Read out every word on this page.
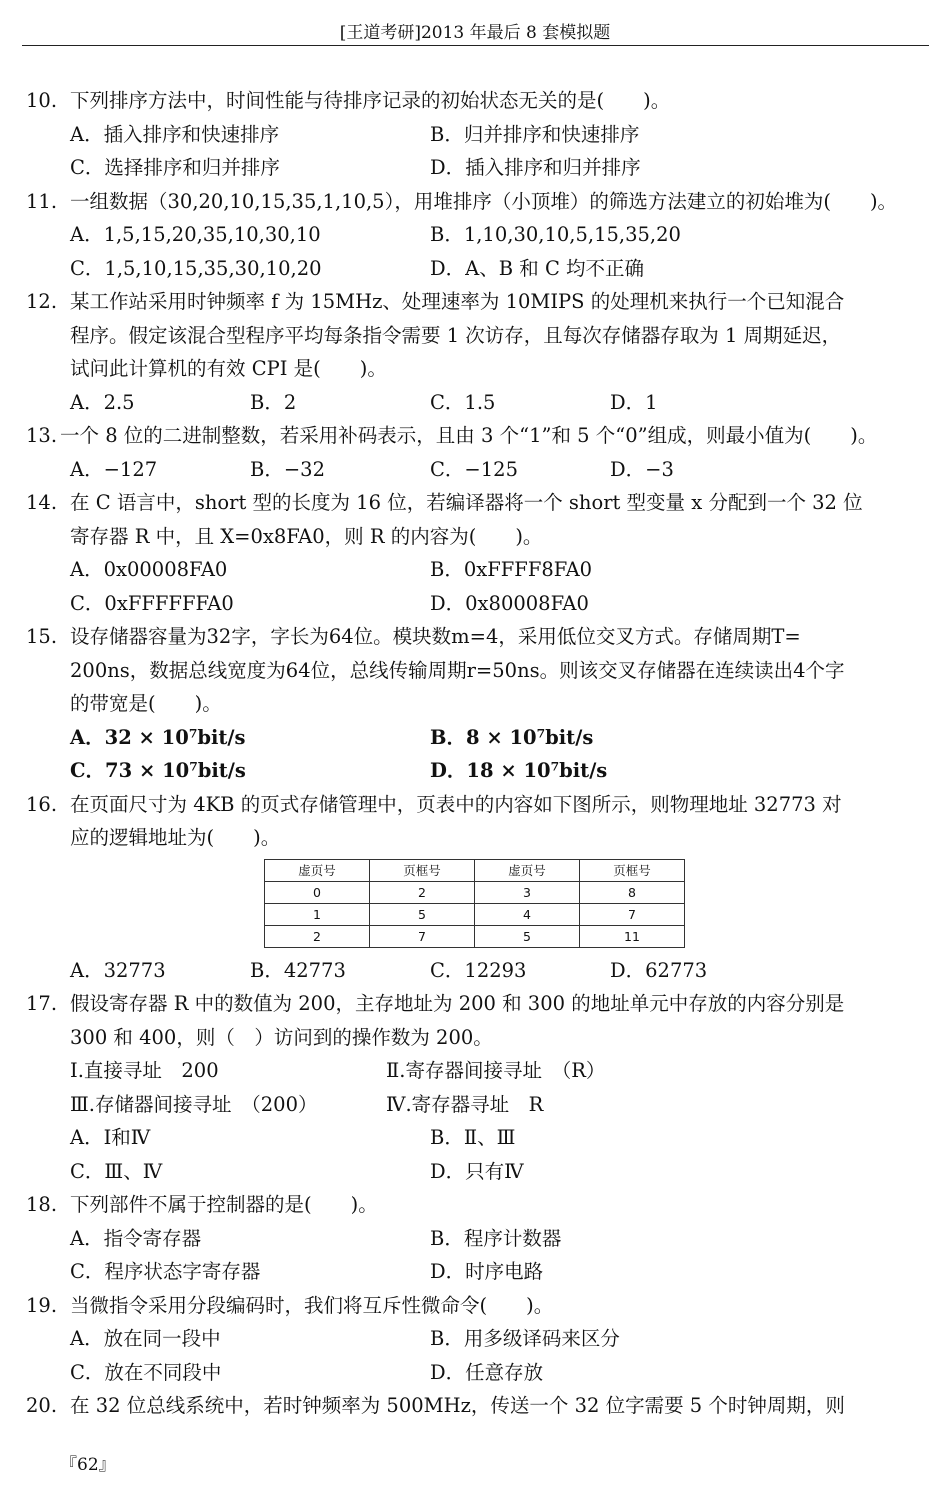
[王道考研]2013 年最后 8 套模拟题
10. 下列排序方法中，时间性能与待排序记录的初始状态无关的是(　　)。
A．插入排序和快速排序	B．归并排序和快速排序
C．选择排序和归并排序	D．插入排序和归并排序
11. 一组数据（30,20,10,15,35,1,10,5），用堆排序（小顶堆）的筛选方法建立的初始堆为(　　)。
A．1,5,15,20,35,10,30,10	B．1,10,30,10,5,15,35,20
C．1,5,10,15,35,30,10,20	D．A、B 和 C 均不正确
12. 某工作站采用时钟频率 f 为 15MHz、处理速率为 10MIPS 的处理机来执行一个已知混合
程序。假定该混合型程序平均每条指令需要 1 次访存，且每次存储器存取为 1 周期延迟，
试问此计算机的有效 CPI 是(　　)。
A．2.5	B．2	C．1.5	D．1
13. 一个 8 位的二进制整数，若采用补码表示，且由 3 个“1”和 5 个“0”组成，则最小值为(　　)。
A．−127	B．−32	C．−125	D．−3
14. 在 C 语言中，short 型的长度为 16 位，若编译器将一个 short 型变量 x 分配到一个 32 位
寄存器 R 中，且 X=0x8FA0，则 R 的内容为(　　)。
A．0x00008FA0	B．0xFFFF8FA0
C．0xFFFFFFA0	D．0x80008FA0
15. 设存储器容量为32字，字长为64位。模块数m=4，采用低位交叉方式。存储周期T=
200ns，数据总线宽度为64位，总线传输周期r=50ns。则该交叉存储器在连续读出4个字
的带宽是(　　)。
A．32 × 10⁷bit/s	B．8 × 10⁷bit/s
C．73 × 10⁷bit/s	D．18 × 10⁷bit/s
16. 在页面尺寸为 4KB 的页式存储管理中，页表中的内容如下图所示，则物理地址 32773 对
应的逻辑地址为(　　)。
虚页号	页框号	虚页号	页框号
0	2	3	8
1	5	4	7
2	7	5	11
A．32773	B．42773	C．12293	D．62773
17. 假设寄存器 R 中的数值为 200，主存地址为 200 和 300 的地址单元中存放的内容分别是
300 和 400，则（　）访问到的操作数为 200。
Ⅰ.直接寻址　200	Ⅱ.寄存器间接寻址　（R）
Ⅲ.存储器间接寻址　（200）	Ⅳ.寄存器寻址　R
A．Ⅰ和Ⅳ	B．Ⅱ、Ⅲ
C．Ⅲ、Ⅳ	D．只有Ⅳ
18. 下列部件不属于控制器的是(　　)。
A．指令寄存器	B．程序计数器
C．程序状态字寄存器	D．时序电路
19. 当微指令采用分段编码时，我们将互斥性微命令(　　)。
A．放在同一段中	B．用多级译码来区分
C．放在不同段中	D．任意存放
20. 在 32 位总线系统中，若时钟频率为 500MHz，传送一个 32 位字需要 5 个时钟周期，则
『62』
